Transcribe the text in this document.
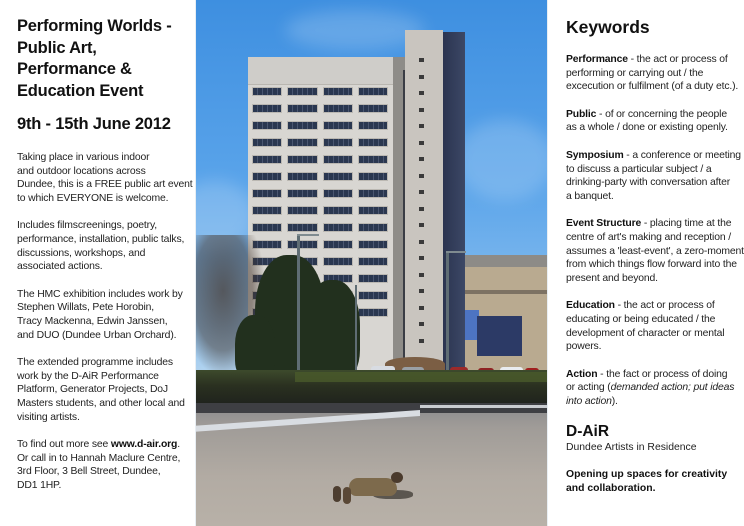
Performing Worlds -
Public Art,
Performance &
Education Event
9th - 15th June 2012
Taking place in various indoor
and outdoor locations across
Dundee, this is a FREE public art event
to which EVERYONE is welcome.
Includes filmscreenings, poetry,
performance, installation, public talks,
discussions, workshops, and
associated actions.
The HMC exhibition includes work by
Stephen Willats, Pete Horobin,
Tracy Mackenna, Edwin Janssen,
and DUO (Dundee Urban Orchard).
The extended programme includes
work by the D-AiR Performance
Platform, Generator Projects, DoJ
Masters students, and other local and
visiting artists.
To find out more see www.d-air.org.
Or call in to Hannah Maclure Centre,
3rd Floor, 3 Bell Street, Dundee,
DD1 1HP.
Keywords
Performance - the act or process of
performing or carrying out / the
excecution or fulfilment (of a duty etc.).
Public - of or concerning the people
as a whole / done or existing openly.
Symposium - a conference or meeting
to discuss a particular subject / a
drinking-party with conversation after
a banquet.
Event Structure - placing time at the
centre of art's making and reception /
assumes a 'least-event', a zero-moment
from which things flow forward into the
present and beyond.
Education - the act or process of
educating or being educated / the
development of character or mental
powers.
Action - the fact or process of doing
or acting (demanded action; put ideas
into action).
D-AiR
Dundee Artists in Residence
Opening up spaces for creativity
and collaboration.
